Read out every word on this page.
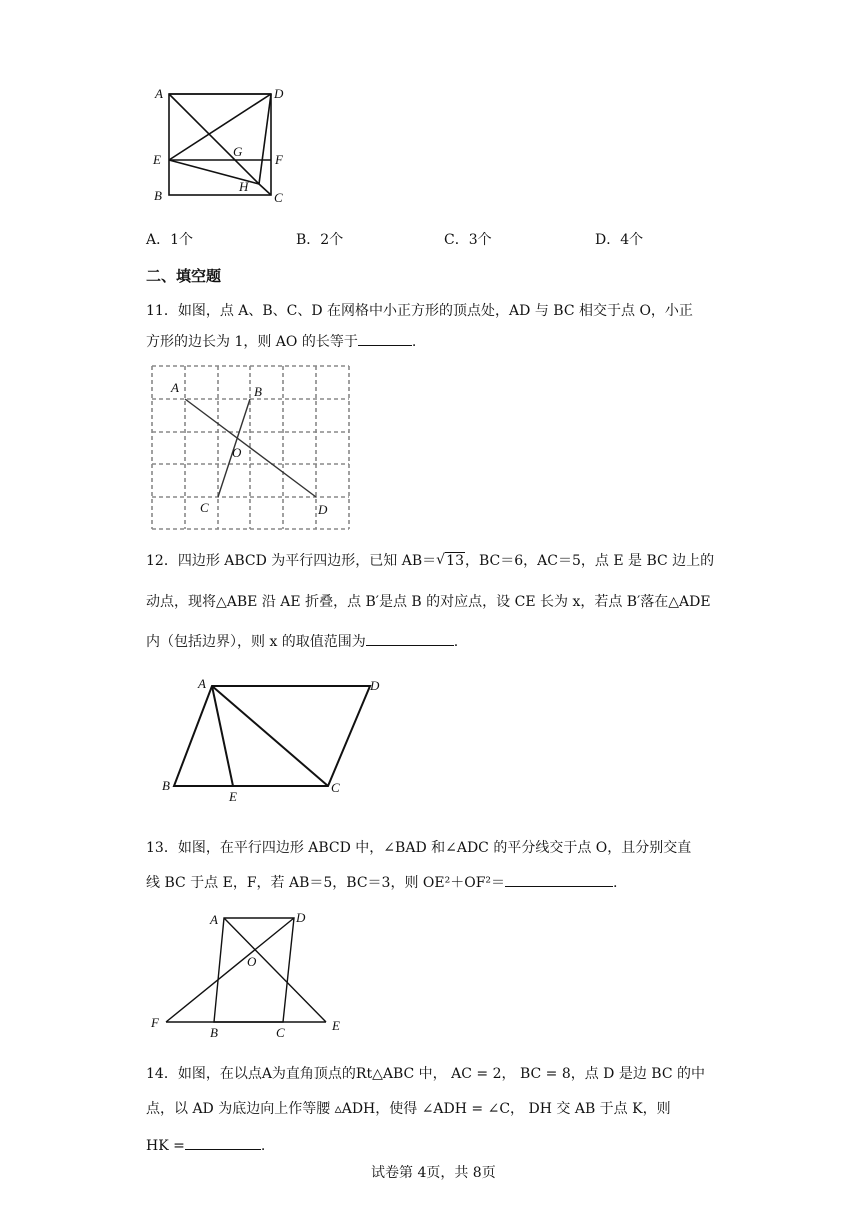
A	D
E
G
F
B
H
C
A．1个	B．2个	C．3个	D．4个
二、填空题
11．如图，点 A、B、C、D 在网格中小正方形的顶点处，AD 与 BC 相交于点 O，小正
方形的边长为 1，则 AO 的长等于	.
A	B
O
C	D
12．四边形 ABCD 为平行四边形，已知 AB＝ √ 13，BC＝6，AC＝5，点 E 是 BC 边上的
动点，现将△ABE 沿 AE 折叠，点 B′是点 B 的对应点，设 CE 长为 x，若点 B′落在△ADE
内（包括边界），则 x 的取值范围为	.
A	D
B
E
C
13．如图，在平行四边形 ABCD 中，∠BAD 和∠ADC 的平分线交于点 O，且分别交直
线 BC 于点 E，F，若 AB＝5，BC＝3，则 OE²＋OF²＝	.
A	D
O
F
B	C	E
14．如图，在以点A为直角顶点的Rt△ABC 中， AC = 2， BC = 8，点 D 是边 BC 的中
点，以 AD 为底边向上作等腰 ▵ADH，使得 ∠ADH = ∠C， DH 交 AB 于点 K，则
HK =	.
试卷第 4页，共 8页
